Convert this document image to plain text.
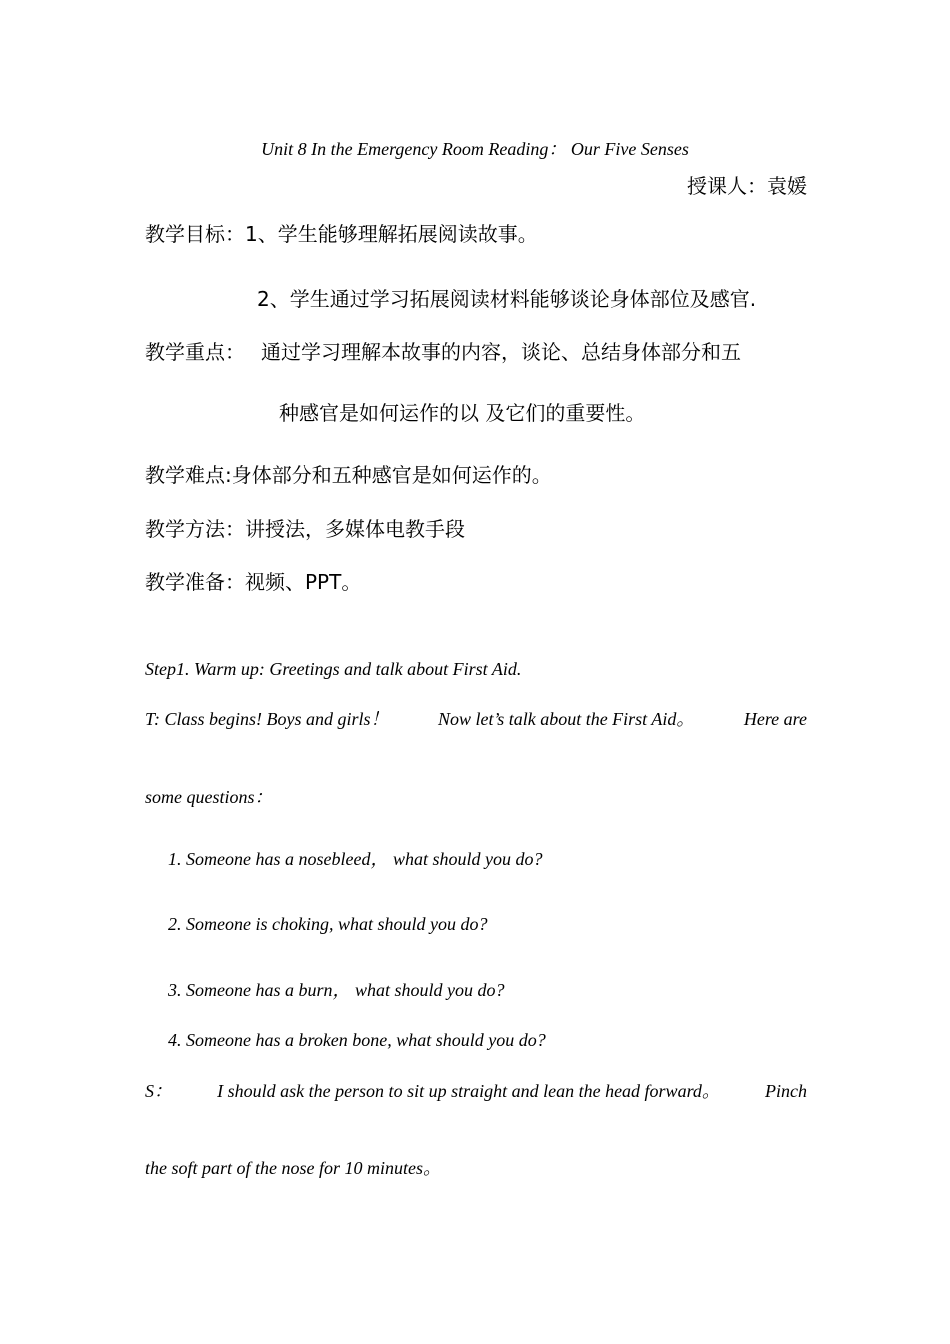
Unit 8 In the Emergency Room Reading： Our Five Senses
授课人：袁媛
教学目标：1、学生能够理解拓展阅读故事。
2、学生通过学习拓展阅读材料能够谈论身体部位及感官.
教学重点： 通过学习理解本故事的内容，谈论、总结身体部分和五
种感官是如何运作的以 及它们的重要性。
教学难点:身体部分和五种感官是如何运作的。
教学方法：讲授法，多媒体电教手段
教学准备：视频、PPT。
Step1. Warm up: Greetings and talk about First Aid.
T: Class begins! Boys and girls！	Now let’s talk about the First Aid。	Here are
some questions：
1. Someone has a nosebleed， what should you do?
2. Someone is choking, what should you do?
3. Someone has a burn， what should you do?
4. Someone has a broken bone, what should you do?
S：	I should ask the person to sit up straight and lean the head forward。	Pinch
the soft part of the nose for 10 minutes。
